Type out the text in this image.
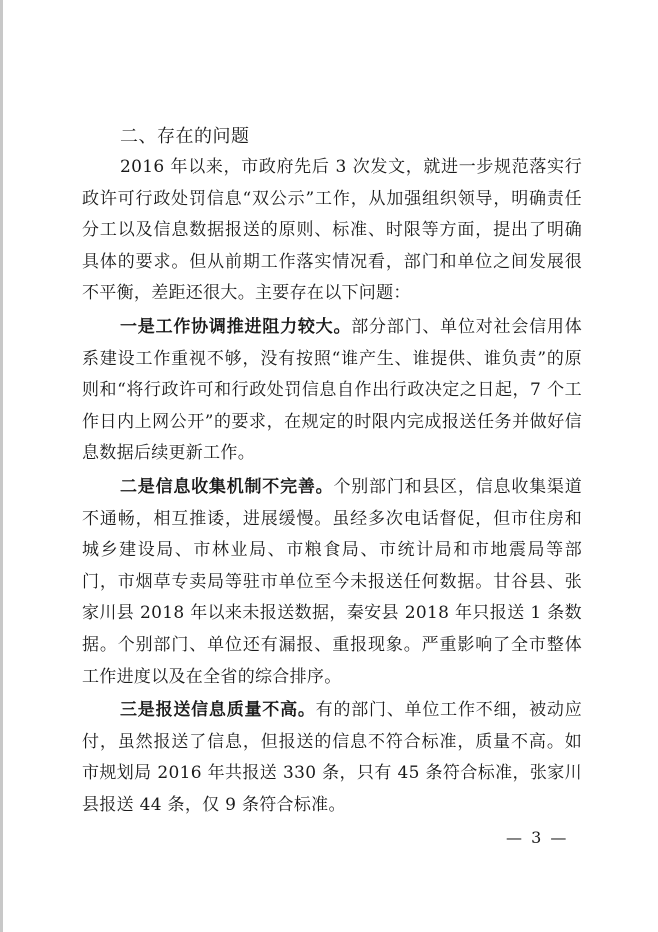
二、存在的问题

2016 年以来，市政府先后 3 次发文，就进一步规范落实行政许可行政处罚信息“双公示”工作，从加强组织领导，明确责任分工以及信息数据报送的原则、标准、时限等方面，提出了明确具体的要求。但从前期工作落实情况看，部门和单位之间发展很不平衡，差距还很大。主要存在以下问题：

一是工作协调推进阻力较大。部分部门、单位对社会信用体系建设工作重视不够，没有按照“谁产生、谁提供、谁负责”的原则和“将行政许可和行政处罚信息自作出行政决定之日起，7 个工作日内上网公开”的要求，在规定的时限内完成报送任务并做好信息数据后续更新工作。

二是信息收集机制不完善。个别部门和县区，信息收集渠道不通畅，相互推诿，进展缓慢。虽经多次电话督促，但市住房和城乡建设局、市林业局、市粮食局、市统计局和市地震局等部门，市烟草专卖局等驻市单位至今未报送任何数据。甘谷县、张家川县 2018 年以来未报送数据，秦安县 2018 年只报送 1 条数据。个别部门、单位还有漏报、重报现象。严重影响了全市整体工作进度以及在全省的综合排序。

三是报送信息质量不高。有的部门、单位工作不细，被动应付，虽然报送了信息，但报送的信息不符合标准，质量不高。如市规划局 2016 年共报送 330 条，只有 45 条符合标准，张家川县报送 44 条，仅 9 条符合标准。

— 3 —
